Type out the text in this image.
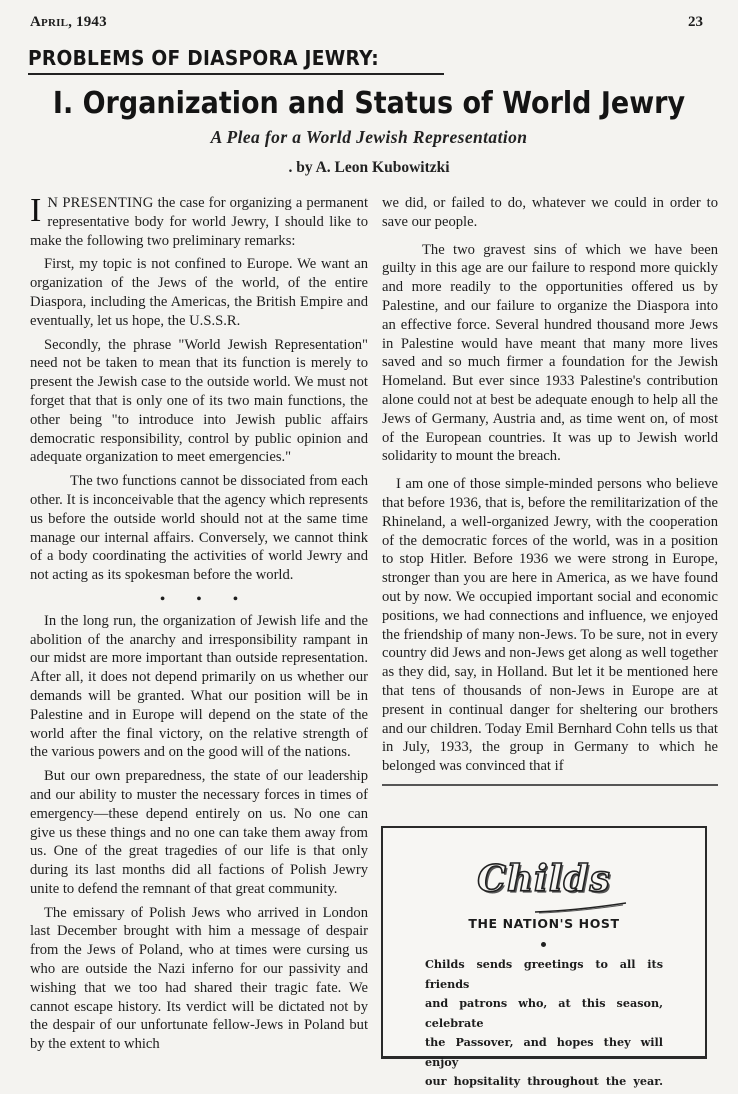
April, 1943	23
PROBLEMS OF DIASPORA JEWRY:
I. Organization and Status of World Jewry
A Plea for a World Jewish Representation
. by A. Leon Kubowitzki

I N PRESENTING the case for organizing a permanent representative body for world Jewry, I should like to make the following two preliminary remarks:

First, my topic is not confined to Europe. We want an organization of the Jews of the world, of the entire Diaspora, including the Americas, the British Empire and eventually, let us hope, the U.S.S.R.

Secondly, the phrase "World Jewish Representation" need not be taken to mean that its function is merely to present the Jewish case to the outside world. We must not forget that that is only one of its two main functions, the other being "to introduce into Jewish public affairs democratic responsibility, control by public opinion and adequate organization to meet emergencies."

The two functions cannot be dissociated from each other. It is inconceivable that the agency which represents us before the outside world should not at the same time manage our internal affairs. Conversely, we cannot think of a body coordinating the activities of world Jewry and not acting as its spokesman before the world.

• • •

In the long run, the organization of Jewish life and the abolition of the anarchy and irresponsibility rampant in our midst are more important than outside representation. After all, it does not depend primarily on us whether our demands will be granted. What our position will be in Palestine and in Europe will depend on the state of the world after the final victory, on the relative strength of the various powers and on the good will of the nations.

But our own preparedness, the state of our leadership and our ability to muster the necessary forces in times of emergency—these depend entirely on us. No one can give us these things and no one can take them away from us. One of the great tragedies of our life is that only during its last months did all factions of Polish Jewry unite to defend the remnant of that great community.

The emissary of Polish Jews who arrived in London last December brought with him a message of despair from the Jews of Poland, who at times were cursing us who are outside the Nazi inferno for our passivity and wishing that we too had shared their tragic fate. We cannot escape history. Its verdict will be dictated not by the despair of our unfortunate fellow-Jews in Poland but by the extent to which

we did, or failed to do, whatever we could in order to save our people.

The two gravest sins of which we have been guilty in this age are our failure to respond more quickly and more readily to the opportunities offered us by Palestine, and our failure to organize the Diaspora into an effective force. Several hundred thousand more Jews in Palestine would have meant that many more lives saved and so much firmer a foundation for the Jewish Homeland. But ever since 1933 Palestine's contribution alone could not at best be adequate enough to help all the Jews of Germany, Austria and, as time went on, of most of the European countries. It was up to Jewish world solidarity to mount the breach.

I am one of those simple-minded persons who believe that before 1936, that is, before the remilitarization of the Rhineland, a well-organized Jewry, with the cooperation of the democratic forces of the world, was in a position to stop Hitler. Before 1936 we were strong in Europe, stronger than you are here in America, as we have found out by now. We occupied important social and economic positions, we had connections and influence, we enjoyed the friendship of many non-Jews. To be sure, not in every country did Jews and non-Jews get along as well together as they did, say, in Holland. But let it be mentioned here that tens of thousands of non-Jews in Europe are at present in continual danger for sheltering our brothers and our children. Today Emil Bernhard Cohn tells us that in July, 1933, the group in Germany to which he belonged was convinced that if

Childs
THE NATION'S HOST
Childs sends greetings to all its friends
and patrons who, at this season, celebrate
the Passover, and hopes they will enjoy
our hopsitality throughout the year.
